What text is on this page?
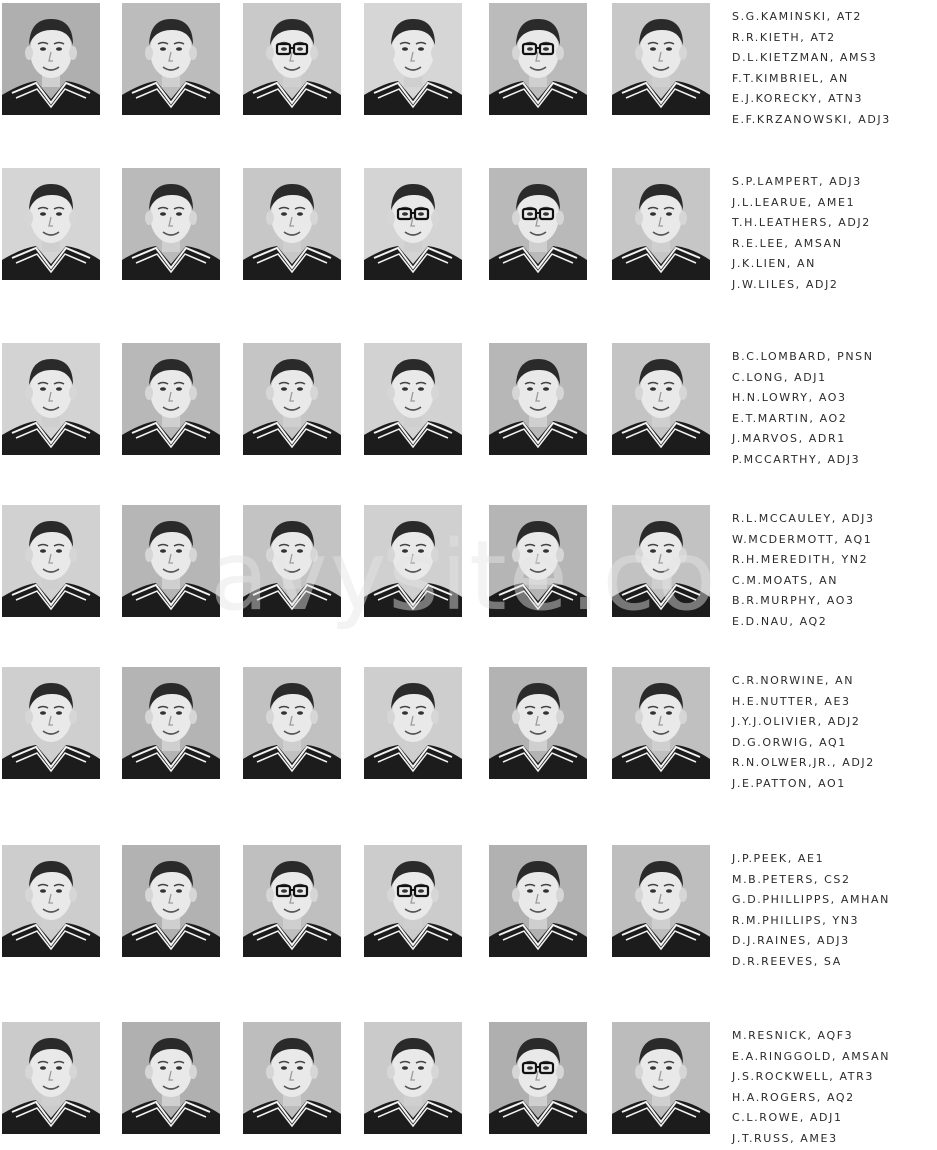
S.G.KAMINSKI, AT2
R.R.KIETH, AT2
D.L.KIETZMAN, AMS3
F.T.KIMBRIEL, AN
E.J.KORECKY, ATN3
E.F.KRZANOWSKI, ADJ3
S.P.LAMPERT, ADJ3
J.L.LEARUE, AME1
T.H.LEATHERS, ADJ2
R.E.LEE, AMSAN
J.K.LIEN, AN
J.W.LILES, ADJ2
B.C.LOMBARD, PNSN
C.LONG, ADJ1
H.N.LOWRY, AO3
E.T.MARTIN, AO2
J.MARVOS, ADR1
P.MCCARTHY, ADJ3
R.L.MCCAULEY, ADJ3
W.MCDERMOTT, AQ1
R.H.MEREDITH, YN2
C.M.MOATS, AN
B.R.MURPHY, AO3
E.D.NAU, AQ2
C.R.NORWINE, AN
H.E.NUTTER, AE3
J.Y.J.OLIVIER, ADJ2
D.G.ORWIG, AQ1
R.N.OLWER,JR., ADJ2
J.E.PATTON, AO1
J.P.PEEK, AE1
M.B.PETERS, CS2
G.D.PHILLIPPS, AMHAN
R.M.PHILLIPS, YN3
D.J.RAINES, ADJ3
D.R.REEVES, SA
M.RESNICK, AQF3
E.A.RINGGOLD, AMSAN
J.S.ROCKWELL, ATR3
H.A.ROGERS, AQ2
C.L.ROWE, ADJ1
J.T.RUSS, AME3
avysite.co
